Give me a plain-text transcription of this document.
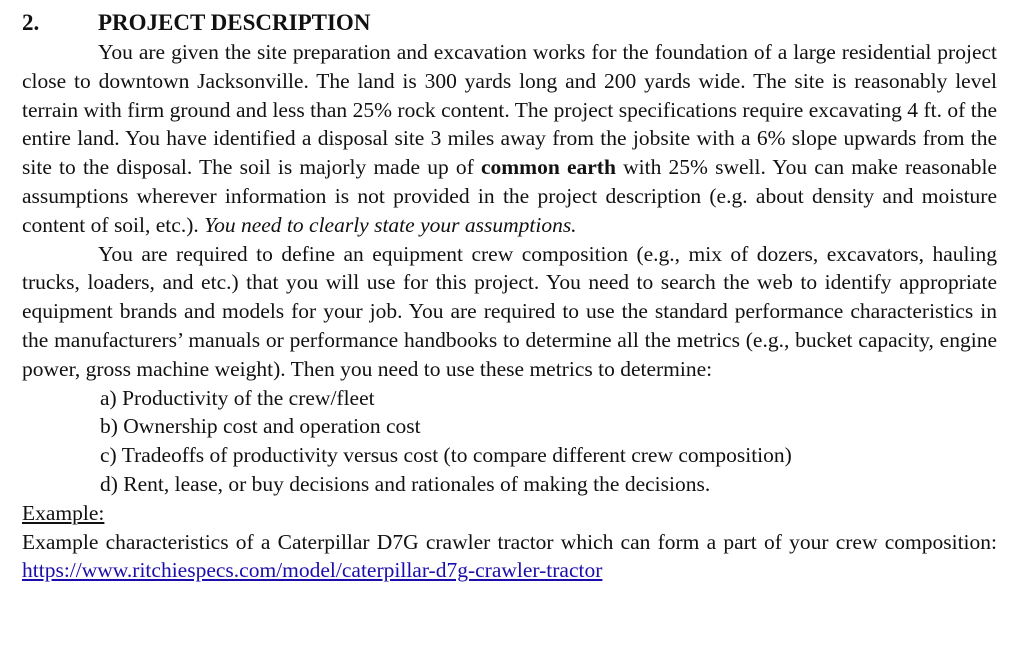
2.	PROJECT DESCRIPTION

You are given the site preparation and excavation works for the foundation of a large residential project close to downtown Jacksonville. The land is 300 yards long and 200 yards wide. The site is reasonably level terrain with firm ground and less than 25% rock content. The project specifications require excavating 4 ft. of the entire land. You have identified a disposal site 3 miles away from the jobsite with a 6% slope upwards from the site to the disposal. The soil is majorly made up of common earth with 25% swell. You can make reasonable assumptions wherever information is not provided in the project description (e.g. about density and moisture content of soil, etc.). You need to clearly state your assumptions.

You are required to define an equipment crew composition (e.g., mix of dozers, excavators, hauling trucks, loaders, and etc.) that you will use for this project. You need to search the web to identify appropriate equipment brands and models for your job. You are required to use the standard performance characteristics in the manufacturers’ manuals or performance handbooks to determine all the metrics (e.g., bucket capacity, engine power, gross machine weight). Then you need to use these metrics to determine:

a) Productivity of the crew/fleet
b) Ownership cost and operation cost
c) Tradeoffs of productivity versus cost (to compare different crew composition)
d) Rent, lease, or buy decisions and rationales of making the decisions.
Example:

Example characteristics of a Caterpillar D7G crawler tractor which can form a part of your crew composition: https://www.ritchiespecs.com/model/caterpillar-d7g-crawler-tractor
